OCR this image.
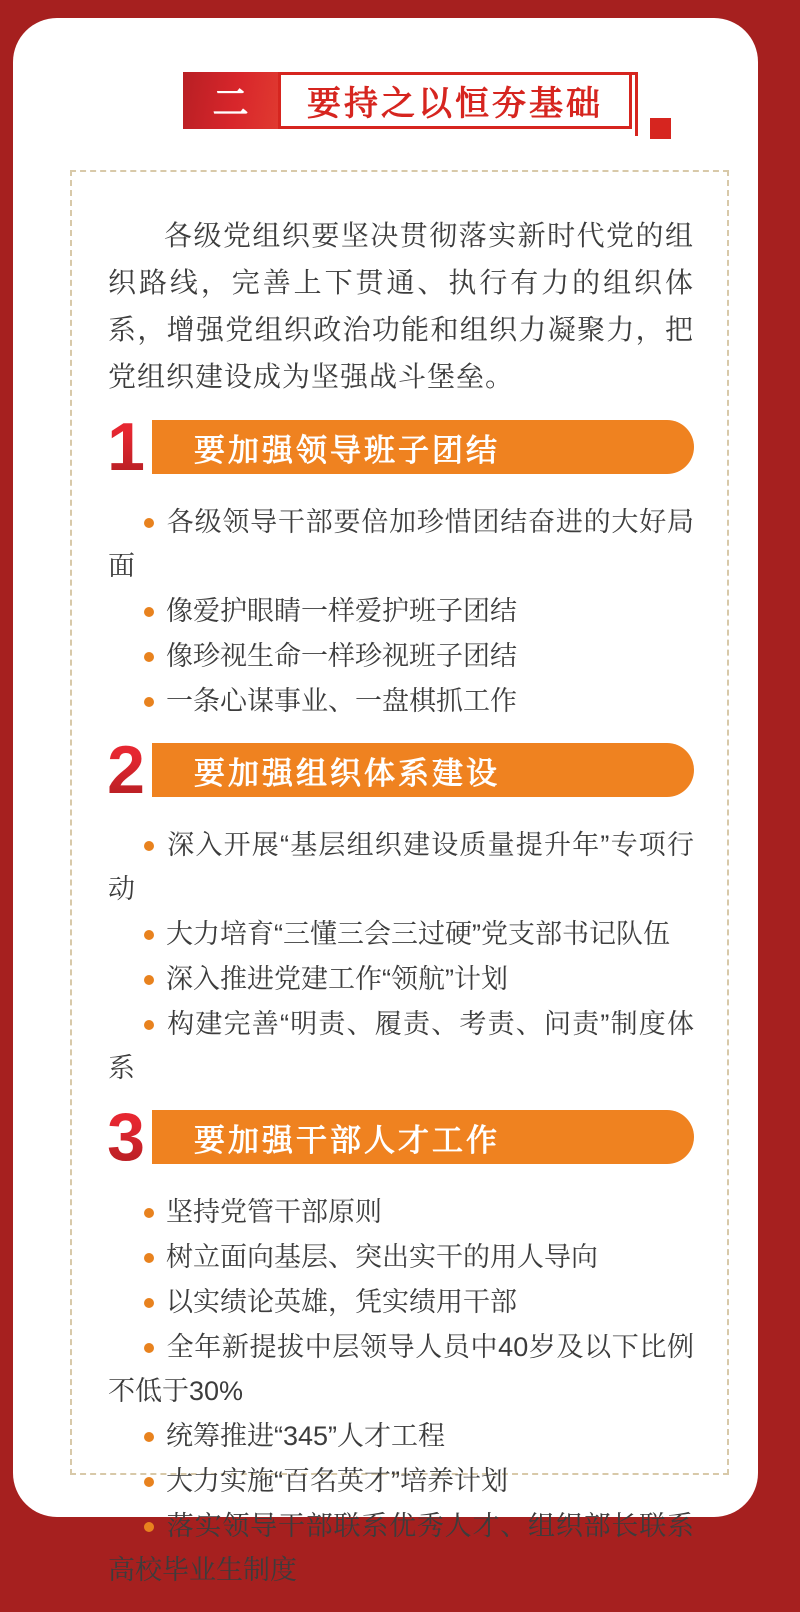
二	要持之以恒夯基础

各级党组织要坚决贯彻落实新时代党的组织路线，完善上下贯通、执行有力的组织体系，增强党组织政治功能和组织力凝聚力，把党组织建设成为坚强战斗堡垒。

1 要加强领导班子团结
各级领导干部要倍加珍惜团结奋进的大好局面
像爱护眼睛一样爱护班子团结
像珍视生命一样珍视班子团结
一条心谋事业、一盘棋抓工作
2 要加强组织体系建设
深入开展“基层组织建设质量提升年”专项行动
大力培育“三懂三会三过硬”党支部书记队伍
深入推进党建工作“领航”计划
构建完善“明责、履责、考责、问责”制度体系
3 要加强干部人才工作
坚持党管干部原则
树立面向基层、突出实干的用人导向
以实绩论英雄，凭实绩用干部
全年新提拔中层领导人员中40岁及以下比例不低于30%
统筹推进“345”人才工程
大力实施“百名英才”培养计划
落实领导干部联系优秀人才、组织部长联系高校毕业生制度
